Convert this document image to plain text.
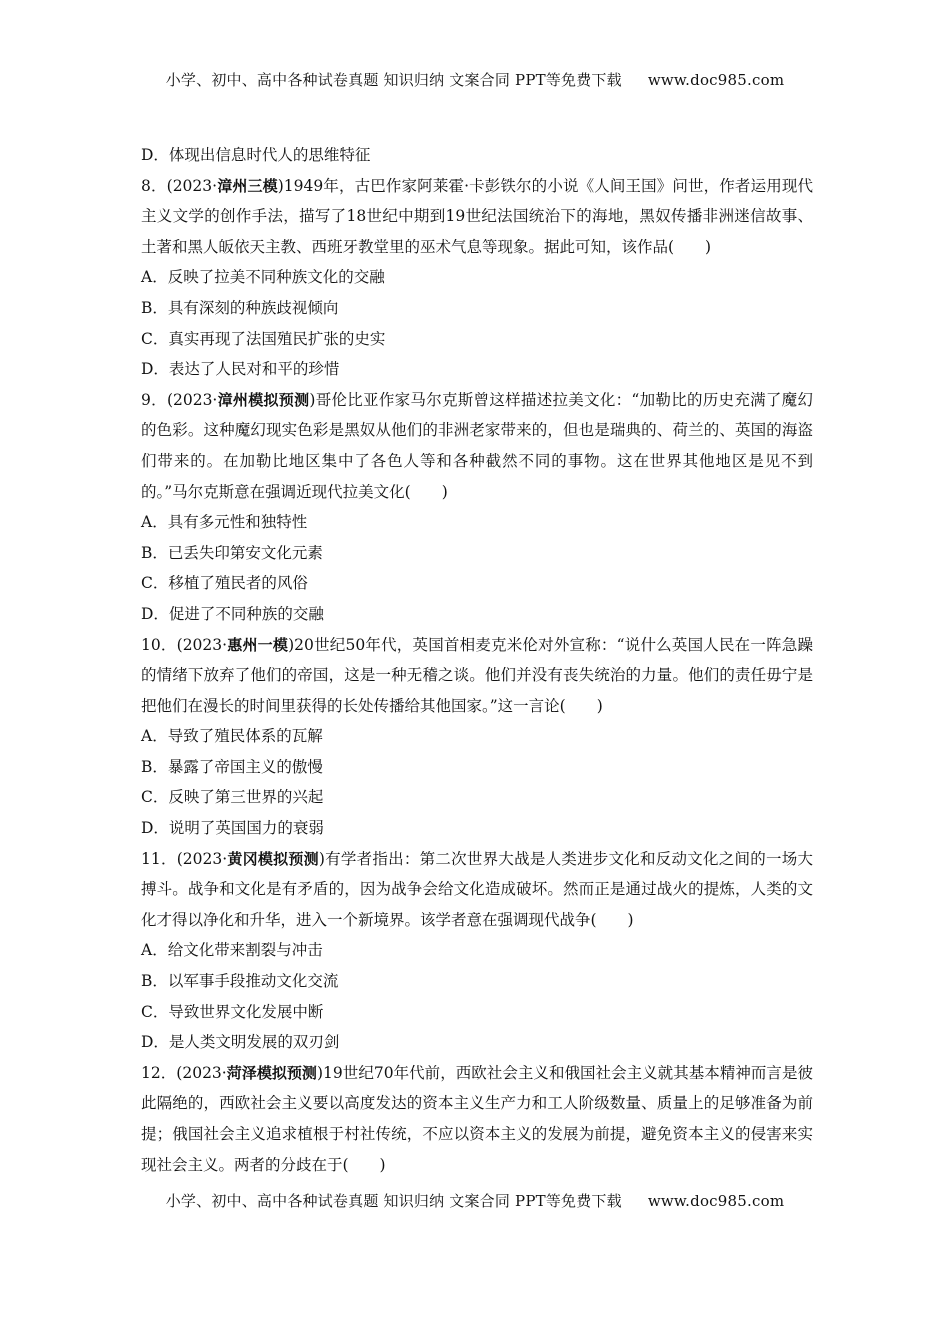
小学、初中、高中各种试卷真题 知识归纳 文案合同 PPT等免费下载 www.doc985.com
D．体现出信息时代人的思维特征

8．(2023·漳州三模)1949年，古巴作家阿莱霍·卡彭铁尔的小说《人间王国》问世，作者运用现代主义文学的创作手法，描写了18世纪中期到19世纪法国统治下的海地，黑奴传播非洲迷信故事、土著和黑人皈依天主教、西班牙教堂里的巫术气息等现象。据此可知，该作品(　　)

A．反映了拉美不同种族文化的交融
B．具有深刻的种族歧视倾向
C．真实再现了法国殖民扩张的史实
D．表达了人民对和平的珍惜

9．(2023·漳州模拟预测)哥伦比亚作家马尔克斯曾这样描述拉美文化：“加勒比的历史充满了魔幻的色彩。这种魔幻现实色彩是黑奴从他们的非洲老家带来的，但也是瑞典的、荷兰的、英国的海盗们带来的。在加勒比地区集中了各色人等和各种截然不同的事物。这在世界其他地区是见不到的。”马尔克斯意在强调近现代拉美文化(　　)

A．具有多元性和独特性
B．已丢失印第安文化元素
C．移植了殖民者的风俗
D．促进了不同种族的交融

10．(2023·惠州一模)20世纪50年代，英国首相麦克米伦对外宣称：“说什么英国人民在一阵急躁的情绪下放弃了他们的帝国，这是一种无稽之谈。他们并没有丧失统治的力量。他们的责任毋宁是把他们在漫长的时间里获得的长处传播给其他国家。”这一言论(　　)

A．导致了殖民体系的瓦解
B．暴露了帝国主义的傲慢
C．反映了第三世界的兴起
D．说明了英国国力的衰弱

11．(2023·黄冈模拟预测)有学者指出：第二次世界大战是人类进步文化和反动文化之间的一场大搏斗。战争和文化是有矛盾的，因为战争会给文化造成破坏。然而正是通过战火的提炼，人类的文化才得以净化和升华，进入一个新境界。该学者意在强调现代战争(　　)

A．给文化带来割裂与冲击
B．以军事手段推动文化交流
C．导致世界文化发展中断
D．是人类文明发展的双刃剑

12．(2023·菏泽模拟预测)19世纪70年代前，西欧社会主义和俄国社会主义就其基本精神而言是彼此隔绝的，西欧社会主义要以高度发达的资本主义生产力和工人阶级数量、质量上的足够准备为前提；俄国社会主义追求植根于村社传统，不应以资本主义的发展为前提，避免资本主义的侵害来实现社会主义。两者的分歧在于(　　)

小学、初中、高中各种试卷真题 知识归纳 文案合同 PPT等免费下载 www.doc985.com
